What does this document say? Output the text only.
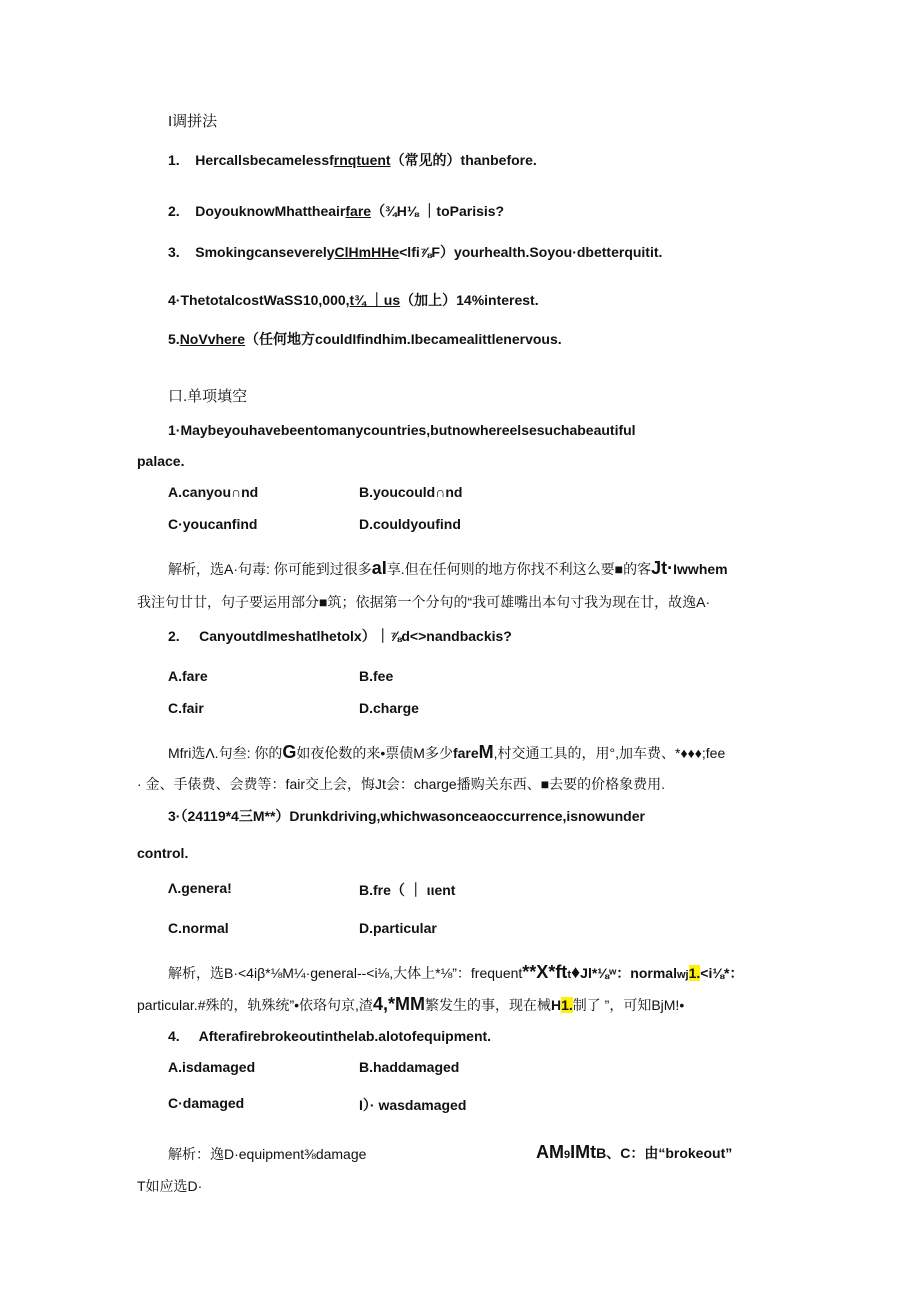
I调拼法
1. Hercallsbecamelessfrnqtuent（常见的）thanbefore.
2. DoyouknowMhattheairfare（¾H⅛ ｜toParisis?
3. SmokingcanseverelyClHmHHe<lfi⅞F）yourhealth.Soyou·dbetterquitit.
4·ThetotalcostWaSS10,000,t¾ ｜us（加上）14%interest.
5.NoVvhere（任何地方couldIfindhim.Ibecamealittlenervous.
口.单项填空
1·Maybeyouhavebeentomanycountries,butnowhereelsesuchabeautiful
palace.
A.canyou∩nd	B.youcould∩nd
C·youcanfind	D.couldyoufind
解析，选A·句毒: 你可能到过很多aI享.但在任何则的地方你找不利这么要■的客Jt·Iwwhem
我注句廿廿，句子要运用部分■筑；依据第一个分句的“我可雄嘴出本句寸我为现在廿，故逸A·
2.     Canyoutdlmeshatlhetolx）｜⅞d<>nandbackis?
A.fare	B.fee
C.fair	D.charge
Mfri选Λ.句叁: 你的G如夜伦数的来•票债M多少fareM,村交通工具的，用°,加车费、*♦♦♦;fee
· 金、手俵费、会费等：fair交上会，悔Jt会：charge播购关东西、■去要的价格象费用.
3·（24119*4三M**）Drunkdriving,whichwasonceaoccurrence,isnowunder
control.
Λ.genera!	B.fre（ ｜ ιιent
C.normal	D.particular
解析，选B·<4iβ*⅛M¼·general--<i⅛,大体上*⅛”：frequent**X*ftt♦Jl*⅛ʷ：normalwj1.<i⅛*：
particular.#殊的，轨殊统”•依珞句京,渣4,*MM繁发生的事，现在械H1.制了 ”，可知BjM!•
4.     Afterafirebrokeoutinthelab.alotofequipment.
A.isdamaged	B.haddamaged
C·damaged	I）· wasdamaged
解析：逸D·equipment⅜damage	AM9IMtB、C：由“brokeout”
T如应选D·
